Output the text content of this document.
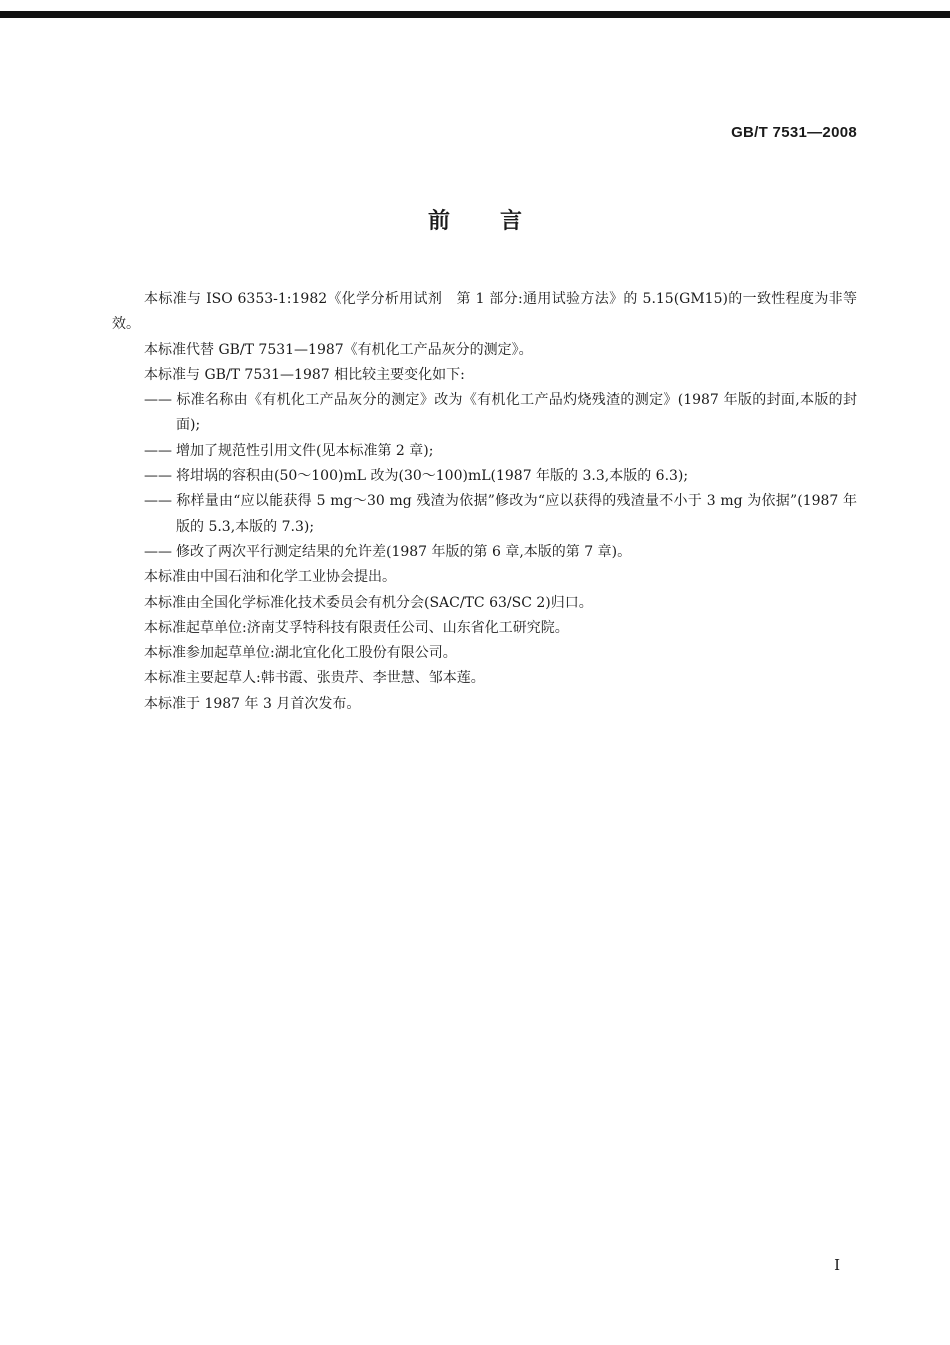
GB/T 7531—2008
前言

本标准与 ISO 6353-1:1982《化学分析用试剂　第 1 部分:通用试验方法》的 5.15(GM15)的一致性程度为非等效。

本标准代替 GB/T 7531—1987《有机化工产品灰分的测定》。

本标准与 GB/T 7531—1987 相比较主要变化如下:

—— 标准名称由《有机化工产品灰分的测定》改为《有机化工产品灼烧残渣的测定》(1987 年版的封面,本版的封面);

—— 增加了规范性引用文件(见本标准第 2 章);

—— 将坩埚的容积由(50～100)mL 改为(30～100)mL(1987 年版的 3.3,本版的 6.3);

—— 称样量由“应以能获得 5 mg～30 mg 残渣为依据”修改为“应以获得的残渣量不小于 3 mg 为依据”(1987 年版的 5.3,本版的 7.3);

—— 修改了两次平行测定结果的允许差(1987 年版的第 6 章,本版的第 7 章)。

本标准由中国石油和化学工业协会提出。

本标准由全国化学标准化技术委员会有机分会(SAC/TC 63/SC 2)归口。

本标准起草单位:济南艾孚特科技有限责任公司、山东省化工研究院。

本标准参加起草单位:湖北宜化化工股份有限公司。

本标准主要起草人:韩书霞、张贵芹、李世慧、邹本莲。

本标准于 1987 年 3 月首次发布。

I
